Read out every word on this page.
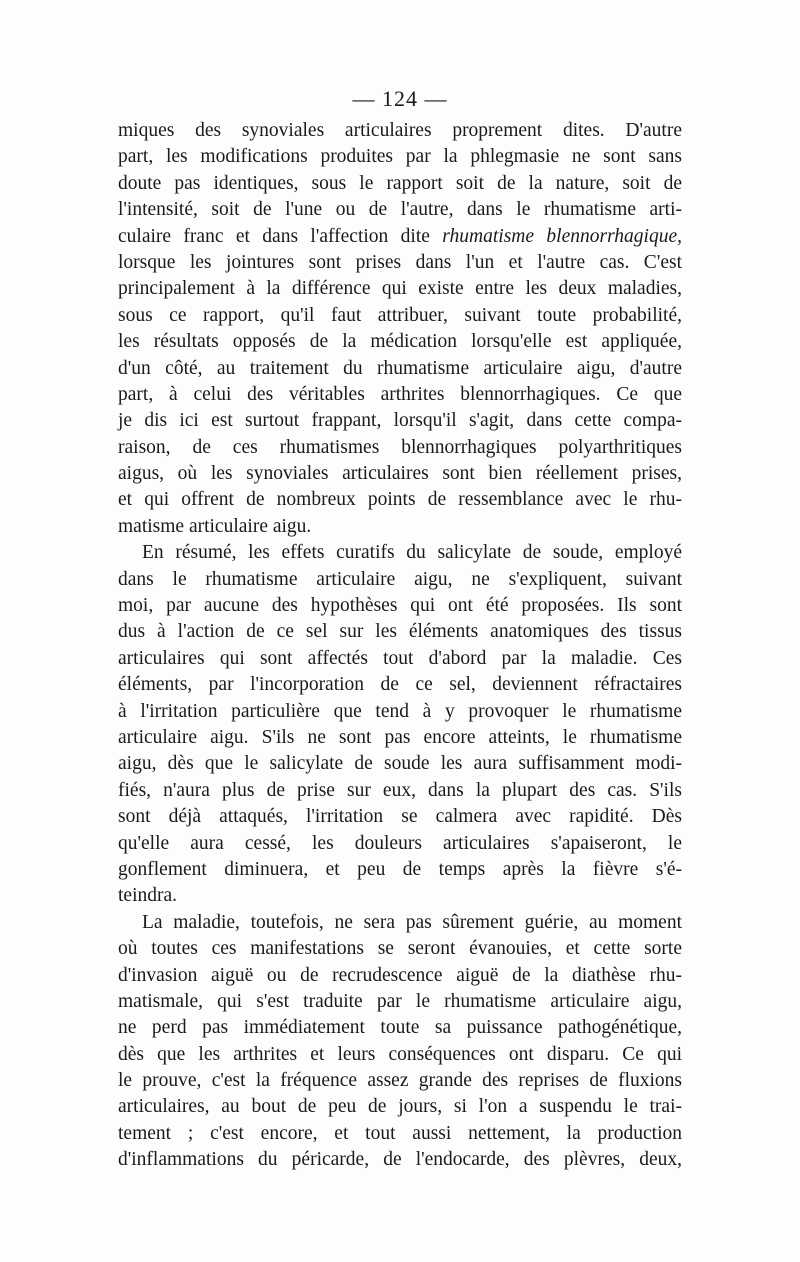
— 124 —
miques des synoviales articulaires proprement dites. D'autre
part, les modifications produites par la phlegmasie ne sont sans
doute pas identiques, sous le rapport soit de la nature, soit de
l'intensité, soit de l'une ou de l'autre, dans le rhumatisme arti-
culaire franc et dans l'affection dite rhumatisme blennorrhagique,
lorsque les jointures sont prises dans l'un et l'autre cas. C'est
principalement à la différence qui existe entre les deux maladies,
sous ce rapport, qu'il faut attribuer, suivant toute probabilité,
les résultats opposés de la médication lorsqu'elle est appliquée,
d'un côté, au traitement du rhumatisme articulaire aigu, d'autre
part, à celui des véritables arthrites blennorrhagiques. Ce que
je dis ici est surtout frappant, lorsqu'il s'agit, dans cette compa-
raison, de ces rhumatismes blennorrhagiques polyarthritiques
aigus, où les synoviales articulaires sont bien réellement prises,
et qui offrent de nombreux points de ressemblance avec le rhu-
matisme articulaire aigu.
En résumé, les effets curatifs du salicylate de soude, employé
dans le rhumatisme articulaire aigu, ne s'expliquent, suivant
moi, par aucune des hypothèses qui ont été proposées. Ils sont
dus à l'action de ce sel sur les éléments anatomiques des tissus
articulaires qui sont affectés tout d'abord par la maladie. Ces
éléments, par l'incorporation de ce sel, deviennent réfractaires
à l'irritation particulière que tend à y provoquer le rhumatisme
articulaire aigu. S'ils ne sont pas encore atteints, le rhumatisme
aigu, dès que le salicylate de soude les aura suffisamment modi-
fiés, n'aura plus de prise sur eux, dans la plupart des cas. S'ils
sont déjà attaqués, l'irritation se calmera avec rapidité. Dès
qu'elle aura cessé, les douleurs articulaires s'apaiseront, le
gonflement diminuera, et peu de temps après la fièvre s'é-
teindra.
La maladie, toutefois, ne sera pas sûrement guérie, au moment
où toutes ces manifestations se seront évanouies, et cette sorte
d'invasion aiguë ou de recrudescence aiguë de la diathèse rhu-
matismale, qui s'est traduite par le rhumatisme articulaire aigu,
ne perd pas immédiatement toute sa puissance pathogénétique,
dès que les arthrites et leurs conséquences ont disparu. Ce qui
le prouve, c'est la fréquence assez grande des reprises de fluxions
articulaires, au bout de peu de jours, si l'on a suspendu le trai-
tement ; c'est encore, et tout aussi nettement, la production
d'inflammations du péricarde, de l'endocarde, des plèvres, deux,
